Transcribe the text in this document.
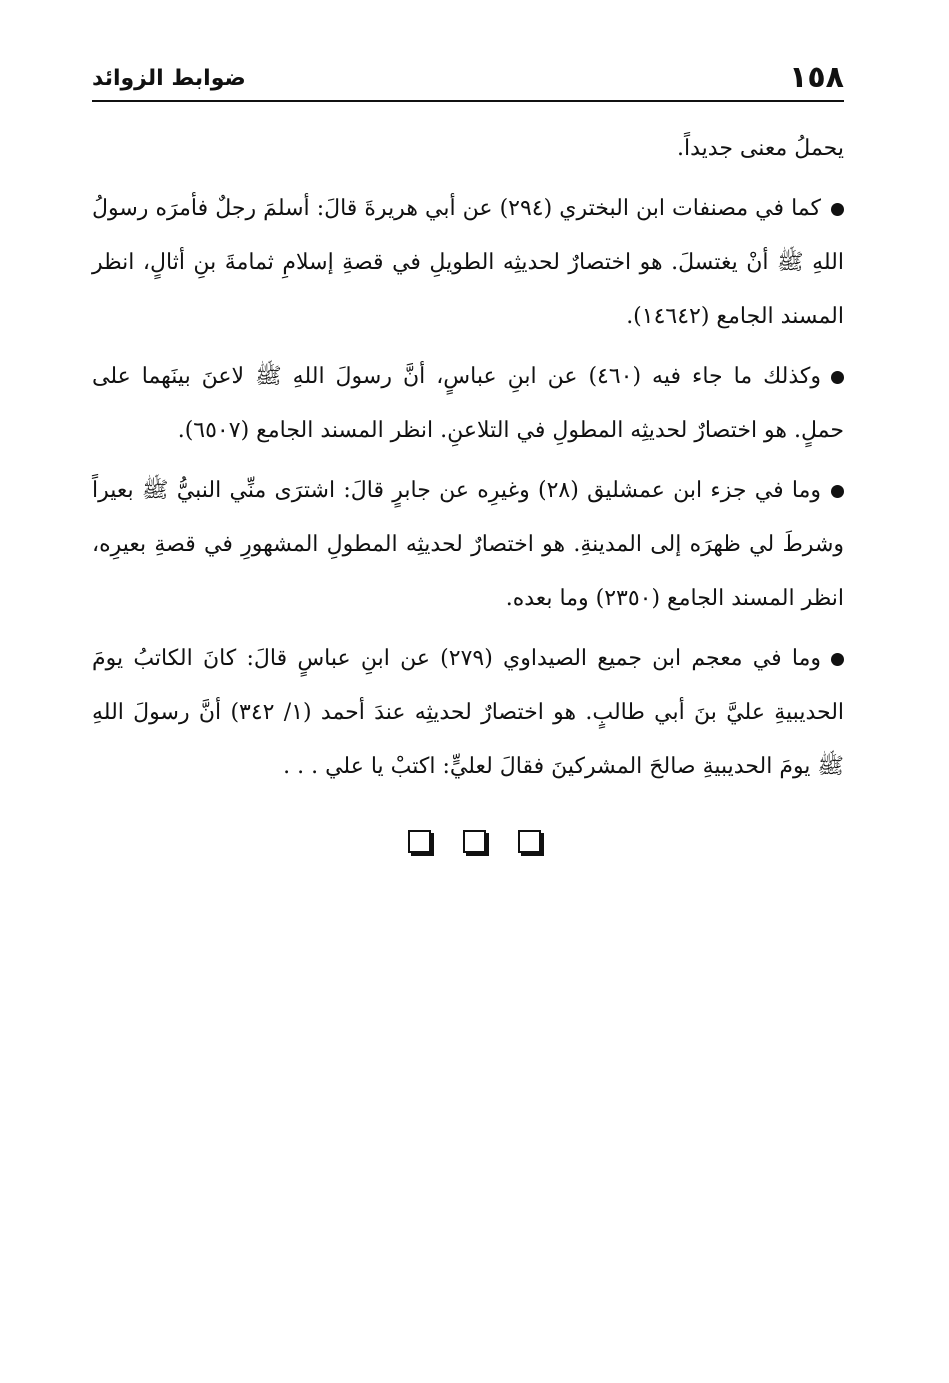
١٥٨
ضوابط الزوائد

يحملُ معنى جديداً.

كما في مصنفات ابن البختري (٢٩٤) عن أبي هريرةَ قالَ: أسلمَ رجلٌ فأمرَه رسولُ اللهِ ﷺ أنْ يغتسلَ. هو اختصارٌ لحديثِه الطويلِ في قصةِ إسلامِ ثمامةَ بنِ أثالٍ، انظر المسند الجامع (١٤٦٤٢).

وكذلك ما جاء فيه (٤٦٠) عن ابنِ عباسٍ، أنَّ رسولَ اللهِ ﷺ لاعنَ بينَهما على حملٍ. هو اختصارٌ لحديثِه المطولِ في التلاعنِ. انظر المسند الجامع (٦٥٠٧).

وما في جزء ابن عمشليق (٢٨) وغيرِه عن جابرٍ قالَ: اشترَى منِّي النبيُّ ﷺ بعيراً وشرطَ لي ظهرَه إلى المدينةِ. هو اختصارٌ لحديثِه المطولِ المشهورِ في قصةِ بعيرِه، انظر المسند الجامع (٢٣٥٠) وما بعده.

وما في معجم ابن جميع الصيداوي (٢٧٩) عن ابنِ عباسٍ قالَ: كانَ الكاتبُ يومَ الحديبيةِ عليَّ بنَ أبي طالبٍ. هو اختصارٌ لحديثِه عندَ أحمد (١/ ٣٤٢) أنَّ رسولَ اللهِ ﷺ يومَ الحديبيةِ صالحَ المشركينَ فقالَ لعليٍّ: اكتبْ يا علي . . .
